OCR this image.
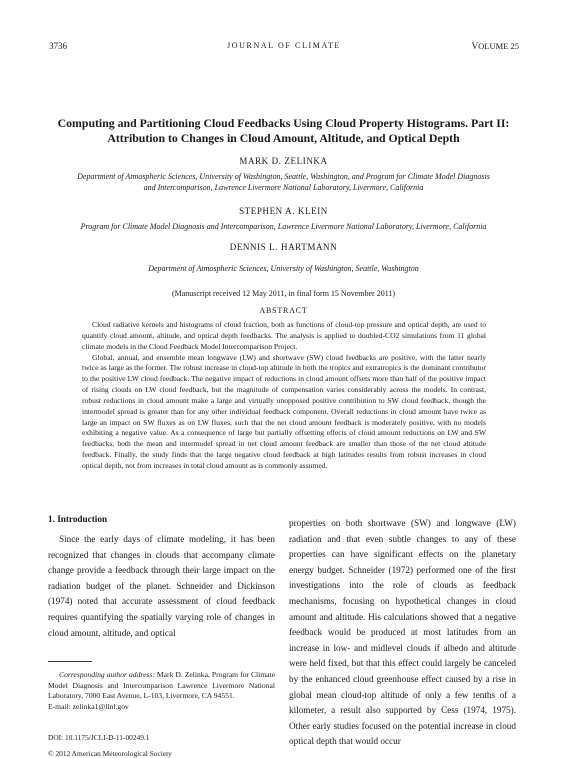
3736	JOURNAL OF CLIMATE	VOLUME 25
Computing and Partitioning Cloud Feedbacks Using Cloud Property Histograms. Part II:
Attribution to Changes in Cloud Amount, Altitude, and Optical Depth
MARK D. ZELINKA
Department of Atmospheric Sciences, University of Washington, Seattle, Washington, and Program for Climate Model Diagnosis
and Intercomparison, Lawrence Livermore National Laboratory, Livermore, California
STEPHEN A. KLEIN
Program for Climate Model Diagnosis and Intercomparison, Lawrence Livermore National Laboratory, Livermore, California
DENNIS L. HARTMANN
Department of Atmospheric Sciences, University of Washington, Seattle, Washington
(Manuscript received 12 May 2011, in final form 15 November 2011)
ABSTRACT

Cloud radiative kernels and histograms of cloud fraction, both as functions of cloud-top pressure and optical depth, are used to quantify cloud amount, altitude, and optical depth feedbacks. The analysis is applied to doubled-CO2 simulations from 11 global climate models in the Cloud Feedback Model Intercomparison Project.

Global, annual, and ensemble mean longwave (LW) and shortwave (SW) cloud feedbacks are positive, with the latter nearly twice as large as the former. The robust increase in cloud-top altitude in both the tropics and extratropics is the dominant contributor to the positive LW cloud feedback. The negative impact of reductions in cloud amount offsets more than half of the positive impact of rising clouds on LW cloud feedback, but the magnitude of compensation varies considerably across the models. In contrast, robust reductions in cloud amount make a large and virtually unopposed positive contribution to SW cloud feedback, though the intermodel spread is greater than for any other individual feedback component. Overall reductions in cloud amount have twice as large an impact on SW fluxes as on LW fluxes, such that the net cloud amount feedback is moderately positive, with no models exhibiting a negative value. As a consequence of large but partially offsetting effects of cloud amount reductions on LW and SW feedbacks, both the mean and intermodel spread in net cloud amount feedback are smaller than those of the net cloud altitude feedback. Finally, the study finds that the large negative cloud feedback at high latitudes results from robust increases in cloud optical depth, not from increases in total cloud amount as is commonly assumed.

1. Introduction

Since the early days of climate modeling, it has been recognized that changes in clouds that accompany climate change provide a feedback through their large impact on the radiation budget of the planet. Schneider and Dickinson (1974) noted that accurate assessment of cloud feedback requires quantifying the spatially varying role of changes in cloud amount, altitude, and optical

properties on both shortwave (SW) and longwave (LW) radiation and that even subtle changes to any of these properties can have significant effects on the planetary energy budget. Schneider (1972) performed one of the first investigations into the role of clouds as feedback mechanisms, focusing on hypothetical changes in cloud amount and altitude. His calculations showed that a negative feedback would be produced at most latitudes from an increase in low- and midlevel clouds if albedo and altitude were held fixed, but that this effect could largely be canceled by the enhanced cloud greenhouse effect caused by a rise in global mean cloud-top altitude of only a few tenths of a kilometer, a result also supported by Cess (1974, 1975). Other early studies focused on the potential increase in cloud optical depth that would occur

Corresponding author address: Mark D. Zelinka, Program for Climate Model Diagnosis and Intercomparison Lawrence Livermore National Laboratory, 7000 East Avenue, L-103, Livermore, CA 94551.

E-mail: zelinka1@llnl.gov

DOI: 10.1175/JCLI-D-11-00249.1
© 2012 American Meteorological Society
